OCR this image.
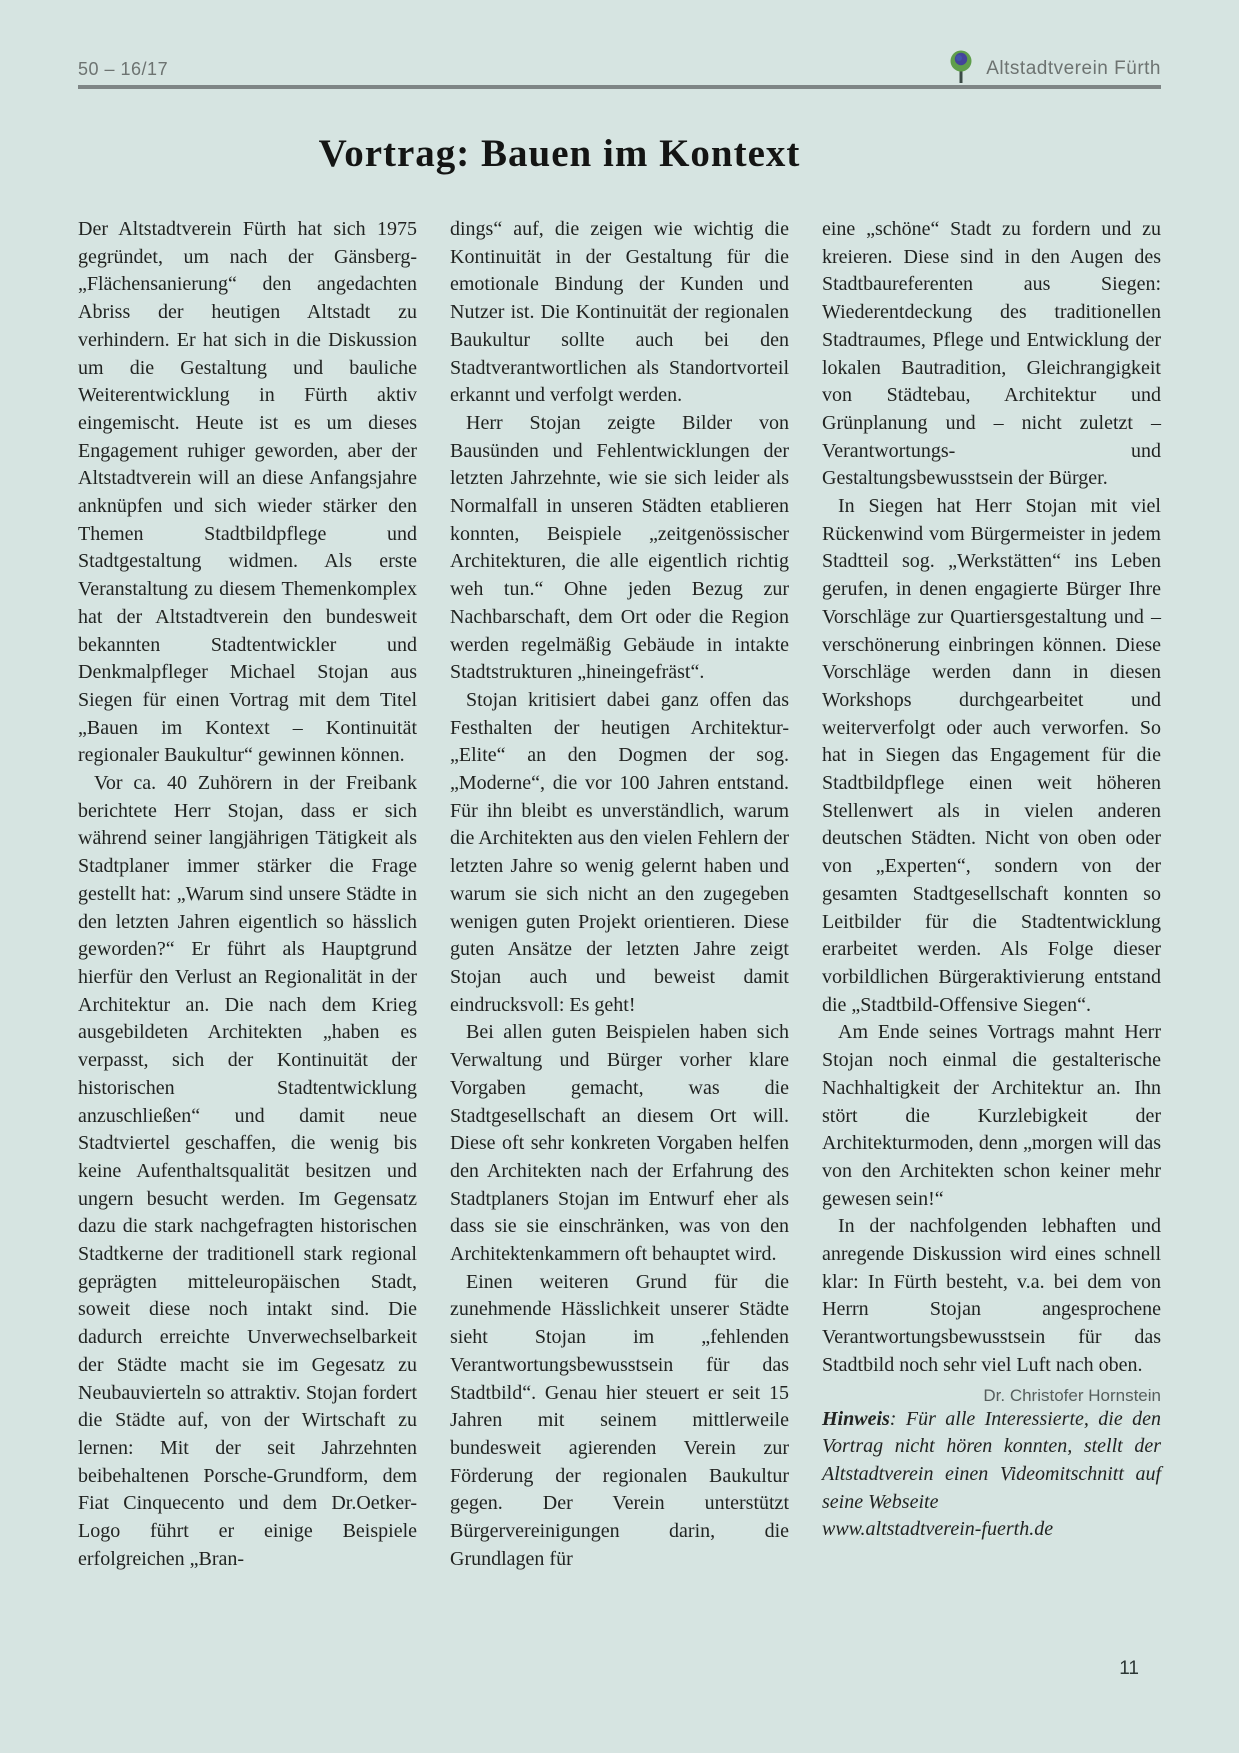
50 – 16/17	Altstadtverein Fürth
Vortrag: Bauen im Kontext

Der Altstadtverein Fürth hat sich 1975 gegründet, um nach der Gänsberg-„Flächensanierung“ den angedachten Abriss der heutigen Altstadt zu verhindern. Er hat sich in die Diskussion um die Gestaltung und bauliche Weiterentwicklung in Fürth aktiv eingemischt. Heute ist es um dieses Engagement ruhiger geworden, aber der Altstadtverein will an diese Anfangsjahre anknüpfen und sich wieder stärker den Themen Stadtbildpflege und Stadtgestaltung widmen. Als erste Veranstaltung zu diesem Themenkomplex hat der Altstadtverein den bundesweit bekannten Stadtentwickler und Denkmalpfleger Michael Stojan aus Siegen für einen Vortrag mit dem Titel „Bauen im Kontext – Kontinuität regionaler Baukultur“ gewinnen können.

Vor ca. 40 Zuhörern in der Freibank berichtete Herr Stojan, dass er sich während seiner langjährigen Tätigkeit als Stadtplaner immer stärker die Frage gestellt hat: „Warum sind unsere Städte in den letzten Jahren eigentlich so hässlich geworden?“ Er führt als Hauptgrund hierfür den Verlust an Regionalität in der Architektur an. Die nach dem Krieg ausgebildeten Architekten „haben es verpasst, sich der Kontinuität der historischen Stadtentwicklung anzuschließen“ und damit neue Stadtviertel geschaffen, die wenig bis keine Aufenthaltsqualität besitzen und ungern besucht werden. Im Gegensatz dazu die stark nachgefragten historischen Stadtkerne der traditionell stark regional geprägten mitteleuropäischen Stadt, soweit diese noch intakt sind. Die dadurch erreichte Unverwechselbarkeit der Städte macht sie im Gegesatz zu Neubauvierteln so attraktiv. Stojan fordert die Städte auf, von der Wirtschaft zu lernen: Mit der seit Jahrzehnten beibehaltenen Porsche-Grundform, dem Fiat Cinquecento und dem Dr.Oetker-Logo führt er einige Beispiele erfolgreichen „Bran-

dings“ auf, die zeigen wie wichtig die Kontinuität in der Gestaltung für die emotionale Bindung der Kunden und Nutzer ist. Die Kontinuität der regionalen Baukultur sollte auch bei den Stadtverantwortlichen als Standortvorteil erkannt und verfolgt werden.

Herr Stojan zeigte Bilder von Bausünden und Fehlentwicklungen der letzten Jahrzehnte, wie sie sich leider als Normalfall in unseren Städten etablieren konnten, Beispiele „zeitgenössischer Architekturen, die alle eigentlich richtig weh tun.“ Ohne jeden Bezug zur Nachbarschaft, dem Ort oder die Region werden regelmäßig Gebäude in intakte Stadtstrukturen „hineingefräst“.

Stojan kritisiert dabei ganz offen das Festhalten der heutigen Architektur-„Elite“ an den Dogmen der sog. „Moderne“, die vor 100 Jahren entstand. Für ihn bleibt es unverständlich, warum die Architekten aus den vielen Fehlern der letzten Jahre so wenig gelernt haben und warum sie sich nicht an den zugegeben wenigen guten Projekt orientieren. Diese guten Ansätze der letzten Jahre zeigt Stojan auch und beweist damit eindrucksvoll: Es geht!

Bei allen guten Beispielen haben sich Verwaltung und Bürger vorher klare Vorgaben gemacht, was die Stadtgesellschaft an diesem Ort will. Diese oft sehr konkreten Vorgaben helfen den Architekten nach der Erfahrung des Stadtplaners Stojan im Entwurf eher als dass sie sie einschränken, was von den Architektenkammern oft behauptet wird.

Einen weiteren Grund für die zunehmende Hässlichkeit unserer Städte sieht Stojan im „fehlenden Verantwortungsbewusstsein für das Stadtbild“. Genau hier steuert er seit 15 Jahren mit seinem mittlerweile bundesweit agierenden Verein zur Förderung der regionalen Baukultur gegen. Der Verein unterstützt Bürgervereinigungen darin, die Grundlagen für

eine „schöne“ Stadt zu fordern und zu kreieren. Diese sind in den Augen des Stadtbaureferenten aus Siegen: Wiederentdeckung des traditionellen Stadtraumes, Pflege und Entwicklung der lokalen Bautradition, Gleichrangigkeit von Städtebau, Architektur und Grünplanung und – nicht zuletzt – Verantwortungs- und Gestaltungsbewusstsein der Bürger.

In Siegen hat Herr Stojan mit viel Rückenwind vom Bürgermeister in jedem Stadtteil sog. „Werkstätten“ ins Leben gerufen, in denen engagierte Bürger Ihre Vorschläge zur Quartiersgestaltung und – verschönerung einbringen können. Diese Vorschläge werden dann in diesen Workshops durchgearbeitet und weiterverfolgt oder auch verworfen. So hat in Siegen das Engagement für die Stadtbildpflege einen weit höheren Stellenwert als in vielen anderen deutschen Städten. Nicht von oben oder von „Experten“, sondern von der gesamten Stadtgesellschaft konnten so Leitbilder für die Stadtentwicklung erarbeitet werden. Als Folge dieser vorbildlichen Bürgeraktivierung entstand die „Stadtbild-Offensive Siegen“.

Am Ende seines Vortrags mahnt Herr Stojan noch einmal die gestalterische Nachhaltigkeit der Architektur an. Ihn stört die Kurzlebigkeit der Architekturmoden, denn „morgen will das von den Architekten schon keiner mehr gewesen sein!“

In der nachfolgenden lebhaften und anregende Diskussion wird eines schnell klar: In Fürth besteht, v.a. bei dem von Herrn Stojan angesprochene Verantwortungsbewusstsein für das Stadtbild noch sehr viel Luft nach oben.

Dr. Christofer Hornstein

Hinweis: Für alle Interessierte, die den Vortrag nicht hören konnten, stellt der Altstadtverein einen Videomitschnitt auf seine Webseite
www.altstadtverein-fuerth.de

11
